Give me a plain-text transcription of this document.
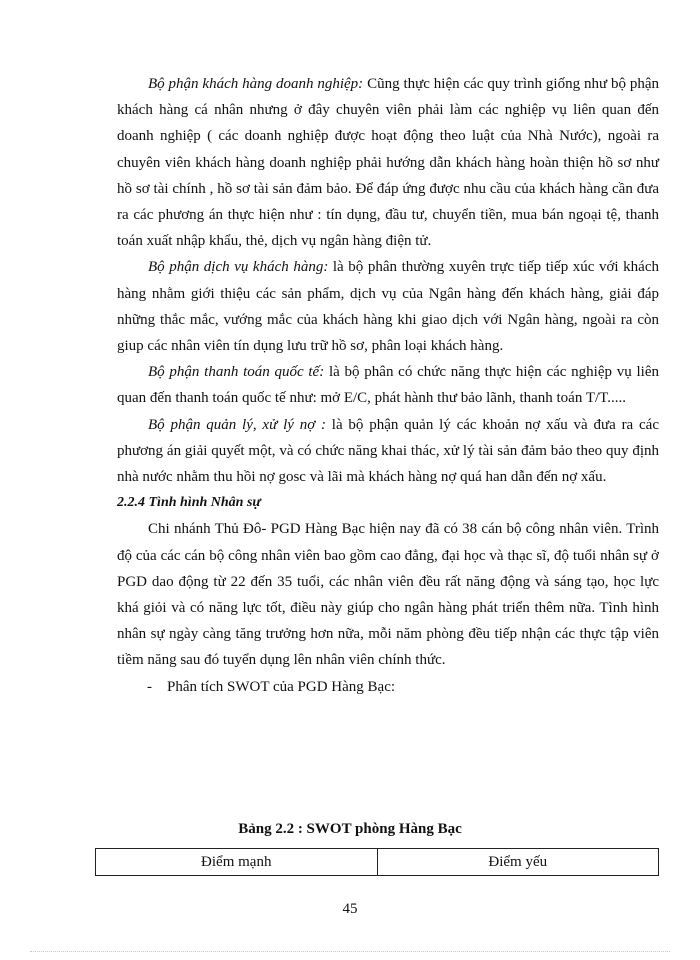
Bộ phận khách hàng doanh nghiệp: Cũng thực hiện các quy trình giống như bộ phận khách hàng cá nhân nhưng ở đây chuyên viên phải làm các nghiệp vụ liên quan đến doanh nghiệp ( các doanh nghiệp được hoạt động theo luật của Nhà Nước), ngoài ra chuyên viên khách hàng doanh nghiệp phải hướng dẫn khách hàng hoàn thiện hồ sơ như hồ sơ tài chính , hồ sơ tài sản đảm bảo. Để đáp ứng được nhu cầu của khách hàng cần đưa ra các phương án thực hiện như : tín dụng, đầu tư, chuyển tiền, mua bán ngoại tệ, thanh toán xuất nhập khẩu, thẻ, dịch vụ ngân hàng điện tử.

Bộ phận dịch vụ khách hàng: là bộ phân thường xuyên trực tiếp tiếp xúc với khách hàng nhằm giới thiệu các sản phẩm, dịch vụ của Ngân hàng đến khách hàng, giải đáp những thắc mắc, vướng mắc của khách hàng khi giao dịch với Ngân hàng, ngoài ra còn giup các nhân viên tín dụng lưu trữ hồ sơ, phân loại khách hàng.

Bộ phận thanh toán quốc tế: là bộ phân có chức năng thực hiện các nghiệp vụ liên quan đến thanh toán quốc tế như: mở E/C, phát hành thư bảo lãnh, thanh toán T/T.....

Bộ phận quản lý, xử lý nợ : là bộ phận quản lý các khoản nợ xấu và đưa ra các phương án giải quyết một, và có chức năng khai thác, xử lý tài sản đảm bảo theo quy định nhà nước nhằm thu hồi nợ gosc và lãi mà khách hàng nợ quá han dẫn đến nợ xấu.

2.2.4 Tình hình Nhân sự

Chi nhánh Thủ Đô- PGD Hàng Bạc hiện nay đã có 38 cán bộ công nhân viên. Trình độ của các cán bộ công nhân viên bao gồm cao đẳng, đại học và thạc sĩ, độ tuổi nhân sự ở PGD dao động từ 22 đến 35 tuổi, các nhân viên đều rất năng động và sáng tạo, học lực khá giỏi và có năng lực tốt, điều này giúp cho ngân hàng phát triển thêm nữa. Tình hình nhân sự ngày càng tăng trưởng hơn nữa, mỗi năm phòng đều tiếp nhận các thực tập viên tiềm năng sau đó tuyển dụng lên nhân viên chính thức.

-	Phân tích SWOT của PGD Hàng Bạc:

Bảng 2.2 : SWOT phòng Hàng Bạc
Điểm mạnh	Điểm yếu
45
